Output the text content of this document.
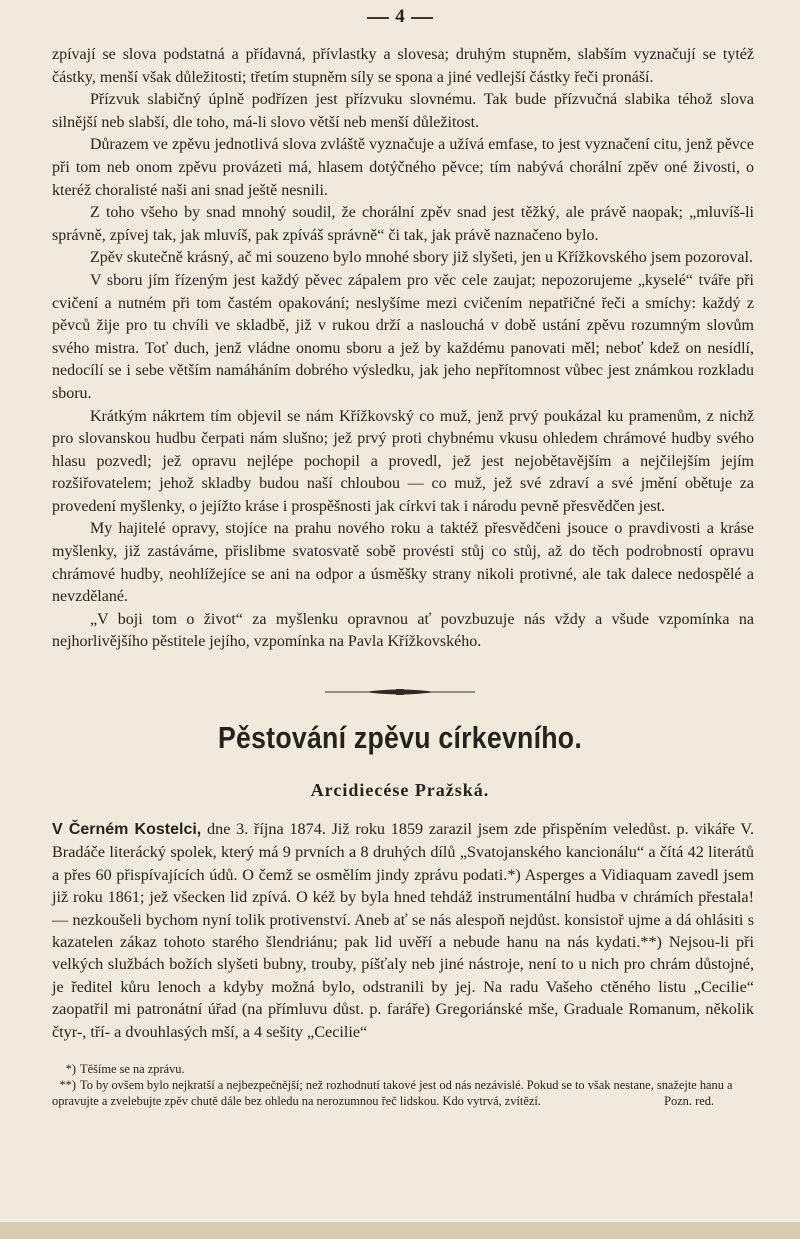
4

zpívají se slova podstatná a přídavná, přívlastky a slovesa; druhým stupněm, slabším vyznačují se tytéž částky, menší však důležitosti; třetím stupněm síly se spona a jiné vedlejší částky řeči pronáší.

Přízvuk slabičný úplně podřízen jest přízvuku slovnému. Tak bude přízvučná slabika téhož slova silnější neb slabší, dle toho, má-li slovo větší neb menší důležitost.

Důrazem ve zpěvu jednotlivá slova zvláště vyznačuje a užívá emfase, to jest vyznačení citu, jenž pěvce při tom neb onom zpěvu provázeti má, hlasem dotýčného pěvce; tím nabývá chorální zpěv oné živosti, o kteréž choralisté naši ani snad ještě nesnili.

Z toho všeho by snad mnohý soudil, že chorální zpěv snad jest těžký, ale právě naopak; „mluvíš-li správně, zpívej tak, jak mluvíš, pak zpíváš správně“ či tak, jak právě naznačeno bylo.

Zpěv skutečně krásný, ač mi souzeno bylo mnohé sbory již slyšeti, jen u Křížkovského jsem pozoroval.

V sboru jím řízeným jest každý pěvec zápalem pro věc cele zaujat; nepozorujeme „kyselé“ tváře při cvičení a nutném při tom častém opakování; neslyšíme mezi cvičením nepatřičné řeči a smíchy: každý z pěvců žije pro tu chvíli ve skladbě, již v rukou drží a naslouchá v době ustání zpěvu rozumným slovům svého mistra. Toť duch, jenž vládne onomu sboru a jež by každému panovati měl; neboť kdež on nesídlí, nedocílí se i sebe větším namáháním dobrého výsledku, jak jeho nepřítomnost vůbec jest známkou rozkladu sboru.

Krátkým nákrtem tím objevil se nám Křížkovský co muž, jenž prvý poukázal ku pramenům, z nichž pro slovanskou hudbu čerpati nám slušno; jež prvý proti chybnému vkusu ohledem chrámové hudby svého hlasu pozvedl; jež opravu nejlépe pochopil a provedl, jež jest nejobětavějším a nejčilejším jejím rozšiřovatelem; jehož skladby budou naší chloubou — co muž, jež své zdraví a své jmění obětuje za provedení myšlenky, o jejížto kráse i prospěšnosti jak církvi tak i národu pevně přesvědčen jest.

My hajitelé opravy, stojíce na prahu nového roku a taktéž přesvědčeni jsouce o pravdivosti a kráse myšlenky, již zastáváme, přislibme svatosvatě sobě provésti stůj co stůj, až do těch podrobností opravu chrámové hudby, neohlížejíce se ani na odpor a úsměšky strany nikoli protivné, ale tak dalece nedospělé a nevzdělané.

„V boji tom o život“ za myšlenku opravnou ať povzbuzuje nás vždy a všude vzpomínka na nejhorlivějšího pěstitele jejího, vzpomínka na Pavla Křížkovského.

Pěstování zpěvu církevního.
Arcidiecése Pražská.

V Černém Kostelci, dne 3. října 1874. Již roku 1859 zarazil jsem zde přispěním veledůst. p. vikáře V. Bradáče literácký spolek, který má 9 prvních a 8 druhých dílů „Svatojanského kancionálu“ a čítá 42 literátů a přes 60 přispívajících údů. O čemž se osmělím jindy zprávu podati.*) Asperges a Vidiaquam zavedl jsem již roku 1861; jež všecken lid zpívá. O kéž by byla hned tehdáž instrumentální hudba v chrámích přestala! — nezkoušeli bychom nyní tolik protivenství. Aneb ať se nás alespoň nejdůst. konsistoř ujme a dá ohlásiti s kazatelen zákaz tohoto starého šlendriánu; pak lid uvěří a nebude hanu na nás kydati.**) Nejsou-li při velkých službách božích slyšeti bubny, trouby, píšťaly neb jiné nástroje, není to u nich pro chrám důstojné, je ředitel kůru lenoch a kdyby možná bylo, odstranili by jej. Na radu Vašeho ctěného listu „Cecilie“ zaopatřil mi patronátní úřad (na přímluvu důst. p. faráře) Gregoriánské mše, Graduale Romanum, několik čtyr-, tří- a dvouhlasých mší, a 4 sešity „Cecilie“

*) Těšíme se na zprávu.

**) To by ovšem bylo nejkratší a nejbezpečnější; než rozhodnutí takové jest od nás nezávislé. Pokud se to však nestane, snažejte hanu a opravujte a zvelebujte zpěv chutě dále bez ohledu na nerozumnou řeč lidskou. Kdo vytrvá, zvítězí.	Pozn. red.
